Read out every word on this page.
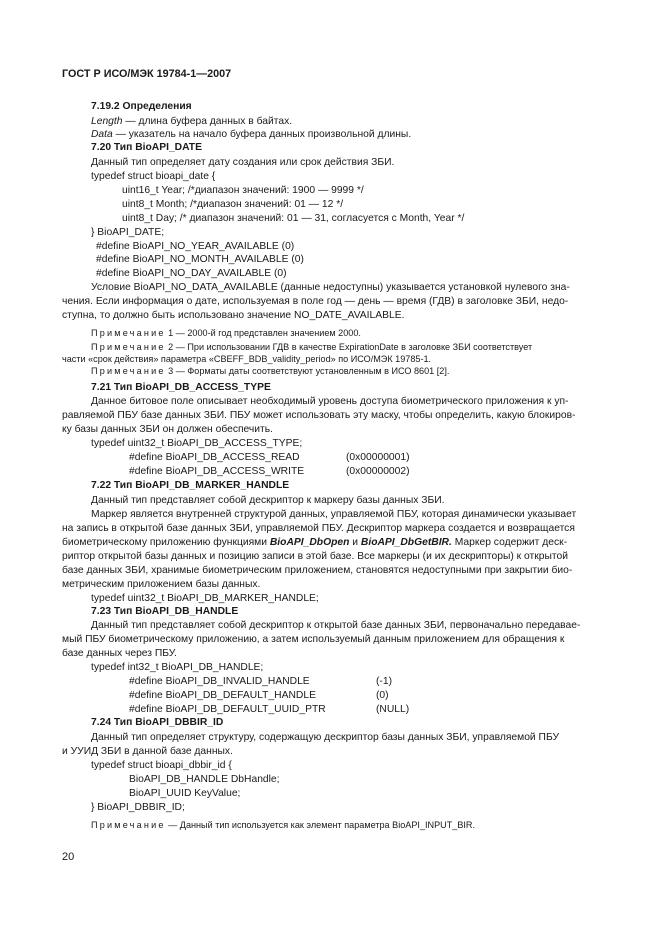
ГОСТ Р ИСО/МЭК 19784-1—2007
7.19.2 Определения
Length — длина буфера данных в байтах.
Data — указатель на начало буфера данных произвольной длины.
7.20 Тип BioAPI_DATE
Данный тип определяет дату создания или срок действия ЗБИ.
typedef struct bioapi_date {
uint16_t Year; /*диапазон значений: 1900 — 9999 */
uint8_t Month; /*диапазон значений: 01 — 12 */
uint8_t Day; /* диапазон значений: 01 — 31, согласуется с Month, Year */
} BioAPI_DATE;
#define BioAPI_NO_YEAR_AVAILABLE (0)
#define BioAPI_NO_MONTH_AVAILABLE (0)
#define BioAPI_NO_DAY_AVAILABLE (0)
Условие BioAPI_NO_DATA_AVAILABLE (данные недоступны) указывается установкой нулевого зна-
чения. Если информация о дате, используемая в поле год — день — время (ГДВ) в заголовке ЗБИ, недо-
ступна, то должно быть использовано значение NO_DATE_AVAILABLE.
Примечание 1 — 2000-й год представлен значением 2000.
Примечание 2 — При использовании ГДВ в качестве ExpirationDate в заголовке ЗБИ соответствует
части «срок действия» параметра «CBEFF_BDB_validity_period» по ИСО/МЭК 19785-1.
Примечание 3 — Форматы даты соответствуют установленным в ИСО 8601 [2].
7.21 Тип BioAPI_DB_ACCESS_TYPE
Данное битовое поле описывает необходимый уровень доступа биометрического приложения к уп-
равляемой ПБУ базе данных ЗБИ. ПБУ может использовать эту маску, чтобы определить, какую блокиров-
ку базы данных ЗБИ он должен обеспечить.
typedef uint32_t BioAPI_DB_ACCESS_TYPE;
#define BioAPI_DB_ACCESS_READ	(0x00000001)
#define BioAPI_DB_ACCESS_WRITE	(0x00000002)
7.22 Тип BioAPI_DB_MARKER_HANDLE
Данный тип представляет собой дескриптор к маркеру базы данных ЗБИ.
Маркер является внутренней структурой данных, управляемой ПБУ, которая динамически указывает
на запись в открытой базе данных ЗБИ, управляемой ПБУ. Дескриптор маркера создается и возвращается
биометрическому приложению функциями BioAPI_DbOpen и BioAPI_DbGetBIR. Маркер содержит деск-
риптор открытой базы данных и позицию записи в этой базе. Все маркеры (и их дескрипторы) к открытой
базе данных ЗБИ, хранимые биометрическим приложением, становятся недоступными при закрытии био-
метрическим приложением базы данных.
typedef uint32_t BioAPI_DB_MARKER_HANDLE;
7.23 Тип BioAPI_DB_HANDLE
Данный тип представляет собой дескриптор к открытой базе данных ЗБИ, первоначально передавае-
мый ПБУ биометрическому приложению, а затем используемый данным приложением для обращения к
базе данных через ПБУ.
typedef int32_t BioAPI_DB_HANDLE;
#define BioAPI_DB_INVALID_HANDLE	(-1)
#define BioAPI_DB_DEFAULT_HANDLE	(0)
#define BioAPI_DB_DEFAULT_UUID_PTR	(NULL)
7.24 Тип BioAPI_DBBIR_ID
Данный тип определяет структуру, содержащую дескриптор базы данных ЗБИ, управляемой ПБУ
и УУИД ЗБИ в данной базе данных.
typedef struct bioapi_dbbir_id {
BioAPI_DB_HANDLE DbHandle;
BioAPI_UUID KeyValue;
} BioAPI_DBBIR_ID;
Примечание — Данный тип используется как элемент параметра BioAPI_INPUT_BIR.
20
